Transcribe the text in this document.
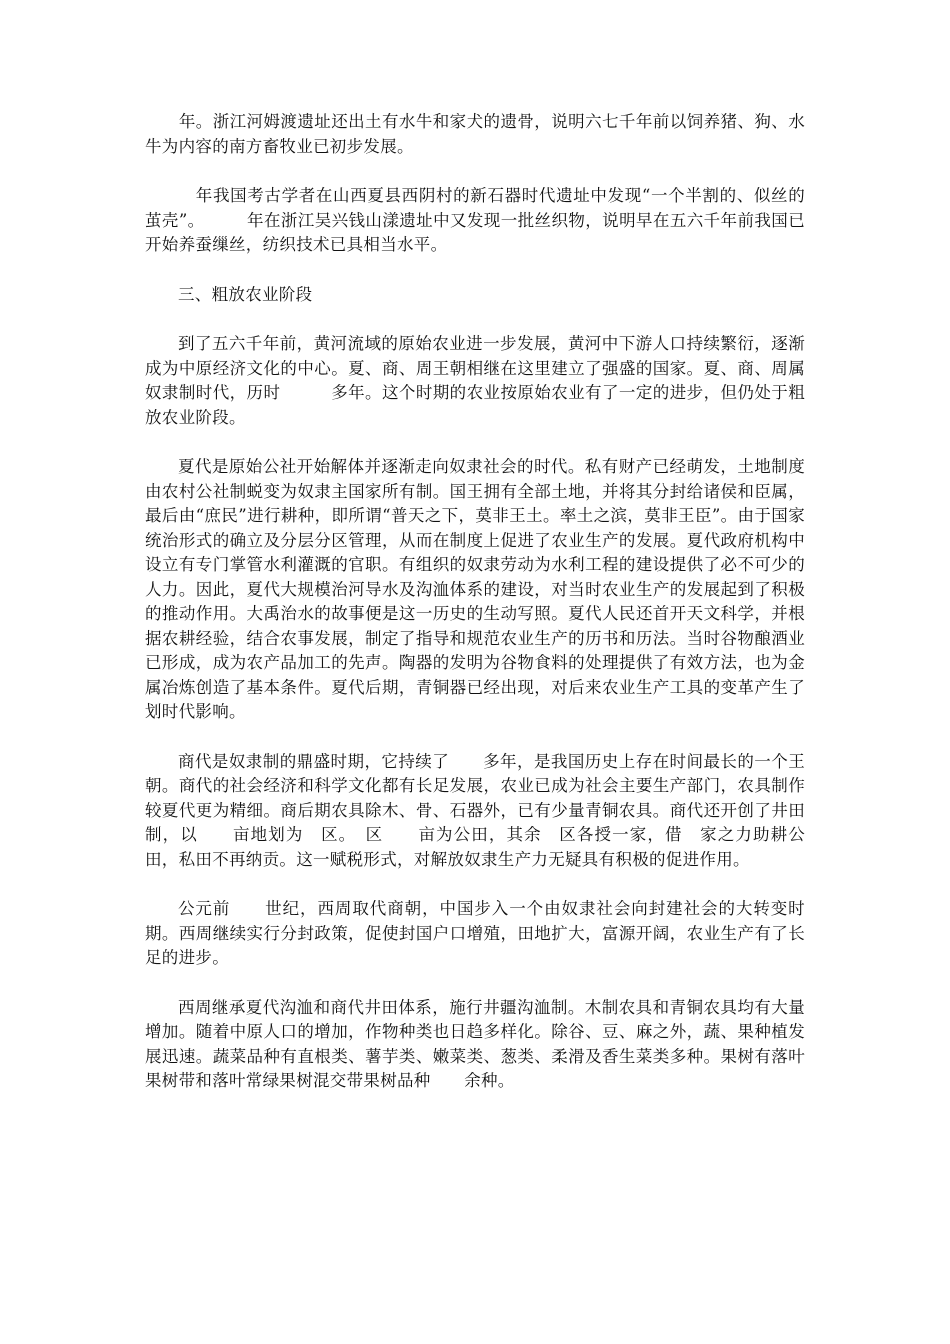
　　年。浙江河姆渡遗址还出土有水牛和家犬的遗骨，说明六七千年前以饲养猪、狗、水牛为内容的南方畜牧业已初步发展。

　　年我国考古学者在山西夏县西阴村的新石器时代遗址中发现“一个半割的、似丝的茧壳”。　　　年在浙江吴兴钱山漾遗址中又发现一批丝织物，说明早在五六千年前我国已开始养蚕缫丝，纺织技术已具相当水平。

三、粗放农业阶段

到了五六千年前，黄河流域的原始农业进一步发展，黄河中下游人口持续繁衍，逐渐成为中原经济文化的中心。夏、商、周王朝相继在这里建立了强盛的国家。夏、商、周属奴隶制时代，历时　　　多年。这个时期的农业按原始农业有了一定的进步，但仍处于粗放农业阶段。

夏代是原始公社开始解体并逐渐走向奴隶社会的时代。私有财产已经萌发，土地制度由农村公社制蜕变为奴隶主国家所有制。国王拥有全部土地，并将其分封给诸侯和臣属，最后由“庶民”进行耕种，即所谓“普天之下，莫非王土。率土之滨，莫非王臣”。由于国家统治形式的确立及分层分区管理，从而在制度上促进了农业生产的发展。夏代政府机构中设立有专门掌管水利灌溉的官职。有组织的奴隶劳动为水利工程的建设提供了必不可少的人力。因此，夏代大规模治河导水及沟洫体系的建设，对当时农业生产的发展起到了积极的推动作用。大禹治水的故事便是这一历史的生动写照。夏代人民还首开天文科学，并根据农耕经验，结合农事发展，制定了指导和规范农业生产的历书和历法。当时谷物酿酒业已形成，成为农产品加工的先声。陶器的发明为谷物食料的处理提供了有效方法，也为金属冶炼创造了基本条件。夏代后期，青铜器已经出现，对后来农业生产工具的变革产生了划时代影响。

商代是奴隶制的鼎盛时期，它持续了　　多年，是我国历史上存在时间最长的一个王朝。商代的社会经济和科学文化都有长足发展，农业已成为社会主要生产部门，农具制作较夏代更为精细。商后期农具除木、骨、石器外，已有少量青铜农具。商代还开创了井田制，以　　亩地划为　区。　区　　亩为公田，其余　区各授一家，借　家之力助耕公田，私田不再纳贡。这一赋税形式，对解放奴隶生产力无疑具有积极的促进作用。

公元前　　世纪，西周取代商朝，中国步入一个由奴隶社会向封建社会的大转变时期。西周继续实行分封政策，促使封国户口增殖，田地扩大，富源开阔，农业生产有了长足的进步。

西周继承夏代沟洫和商代井田体系，施行井疆沟洫制。木制农具和青铜农具均有大量增加。随着中原人口的增加，作物种类也日趋多样化。除谷、豆、麻之外，蔬、果种植发展迅速。蔬菜品种有直根类、薯芋类、嫩菜类、葱类、柔滑及香生菜类多种。果树有落叶果树带和落叶常绿果树混交带果树品种　　余种。
